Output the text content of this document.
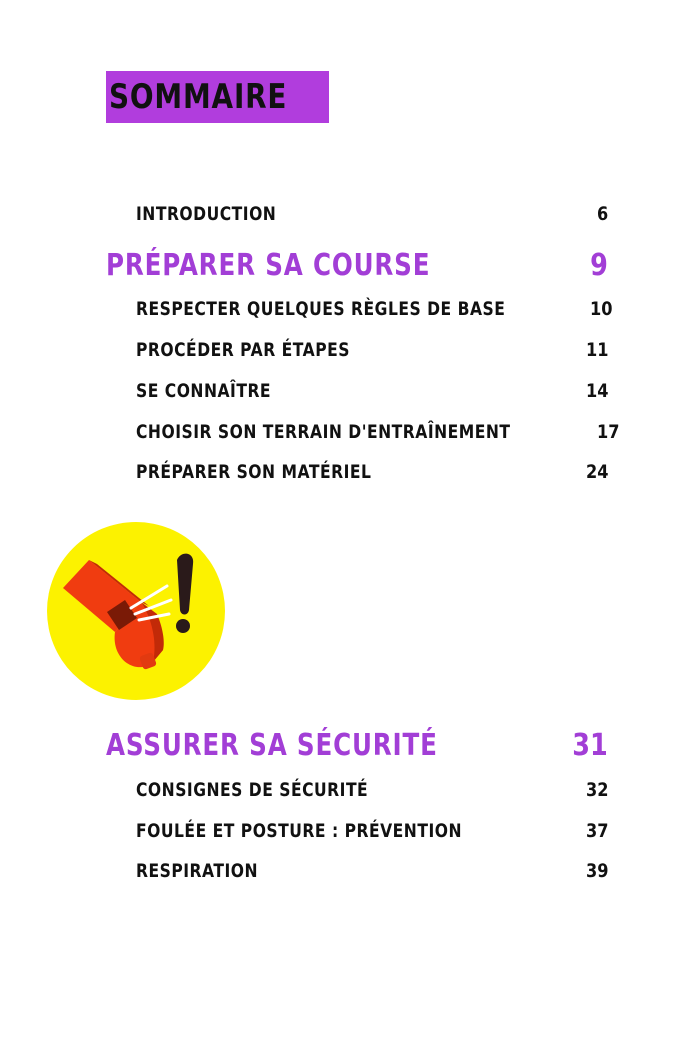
SOMMAIRE
INTRODUCTION	6
PRÉPARER SA COURSE	9
RESPECTER QUELQUES RÈGLES DE BASE	10
PROCÉDER PAR ÉTAPES	11
SE CONNAÎTRE	14
CHOISIR SON TERRAIN D'ENTRAÎNEMENT	17
PRÉPARER SON MATÉRIEL	24
ASSURER SA SÉCURITÉ	31
CONSIGNES DE SÉCURITÉ	32
FOULÉE ET POSTURE : PRÉVENTION	37
RESPIRATION	39
